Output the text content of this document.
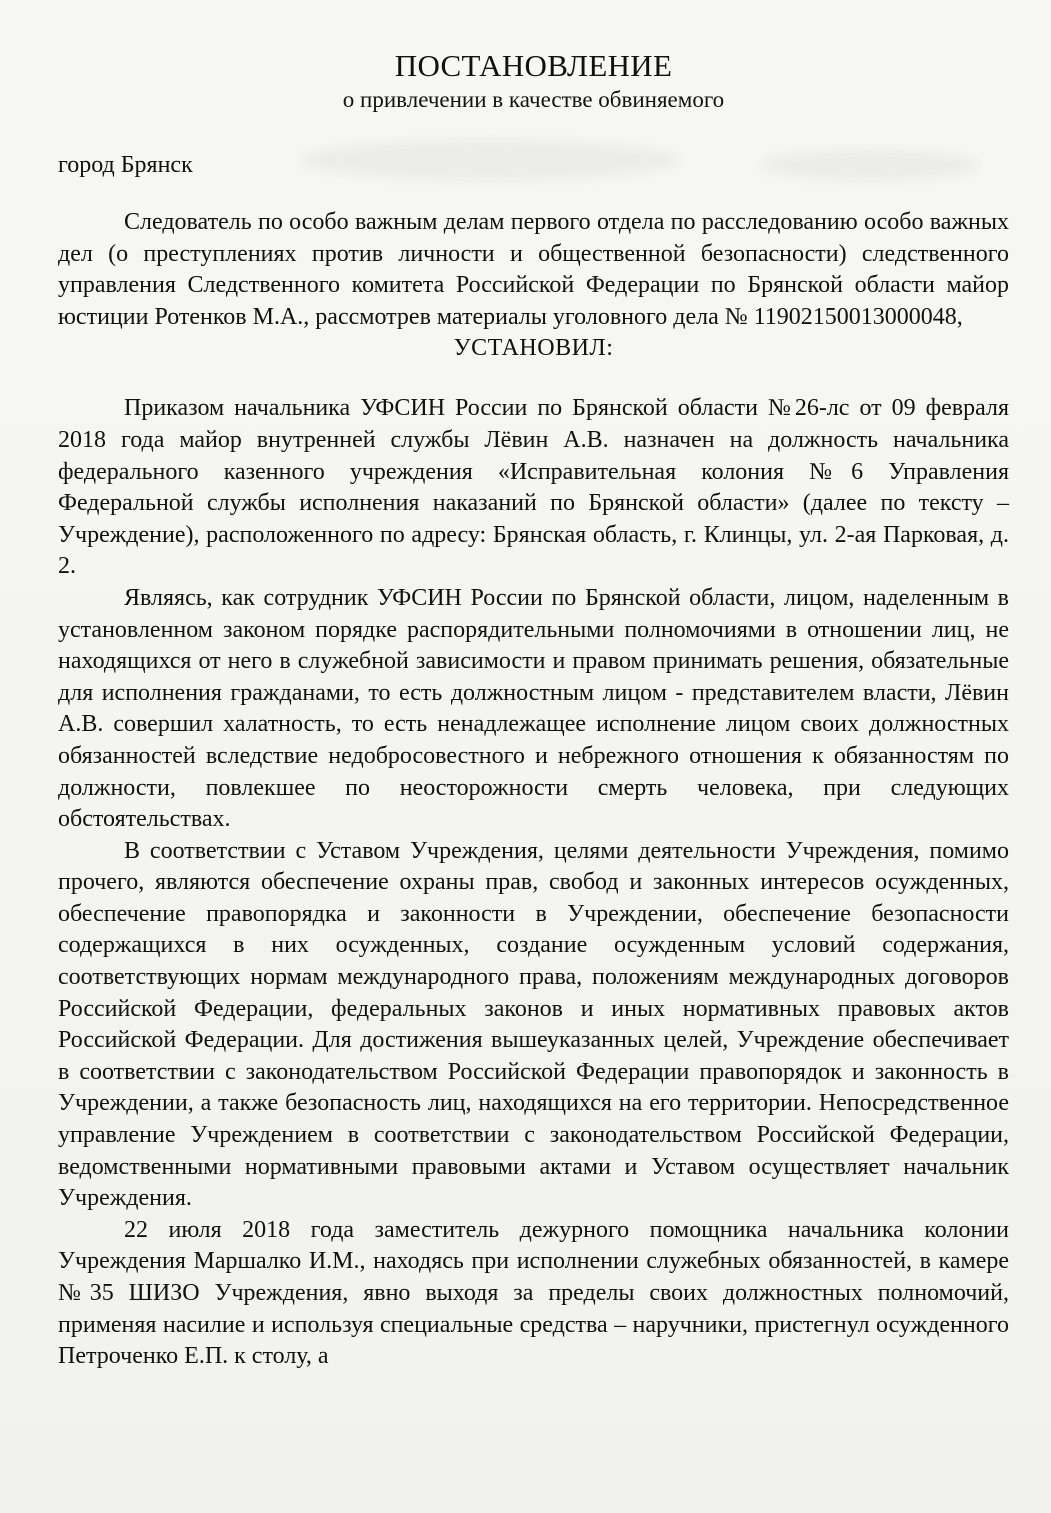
ПОСТАНОВЛЕНИЕ
о привлечении в качестве обвиняемого

город Брянск

Следователь по особо важным делам первого отдела по расследованию особо важных дел (о преступлениях против личности и общественной безопасности) следственного управления Следственного комитета Российской Федерации по Брянской области майор юстиции Ротенков М.А., рассмотрев материалы уголовного дела № 11902150013000048,

УСТАНОВИЛ:

Приказом начальника УФСИН России по Брянской области №26-лс от 09 февраля 2018 года майор внутренней службы Лёвин А.В. назначен на должность начальника федерального казенного учреждения «Исправительная колония №6 Управления Федеральной службы исполнения наказаний по Брянской области» (далее по тексту – Учреждение), расположенного по адресу: Брянская область, г. Клинцы, ул. 2-ая Парковая, д. 2.

Являясь, как сотрудник УФСИН России по Брянской области, лицом, наделенным в установленном законом порядке распорядительными полномочиями в отношении лиц, не находящихся от него в служебной зависимости и правом принимать решения, обязательные для исполнения гражданами, то есть должностным лицом - представителем власти, Лёвин А.В. совершил халатность, то есть ненадлежащее исполнение лицом своих должностных обязанностей вследствие недобросовестного и небрежного отношения к обязанностям по должности, повлекшее по неосторожности смерть человека, при следующих обстоятельствах.

В соответствии с Уставом Учреждения, целями деятельности Учреждения, помимо прочего, являются обеспечение охраны прав, свобод и законных интересов осужденных, обеспечение правопорядка и законности в Учреждении, обеспечение безопасности содержащихся в них осужденных, создание осужденным условий содержания, соответствующих нормам международного права, положениям международных договоров Российской Федерации, федеральных законов и иных нормативных правовых актов Российской Федерации. Для достижения вышеуказанных целей, Учреждение обеспечивает в соответствии с законодательством Российской Федерации правопорядок и законность в Учреждении, а также безопасность лиц, находящихся на его территории. Непосредственное управление Учреждением в соответствии с законодательством Российской Федерации, ведомственными нормативными правовыми актами и Уставом осуществляет начальник Учреждения.

22 июля 2018 года заместитель дежурного помощника начальника колонии Учреждения Маршалко И.М., находясь при исполнении служебных обязанностей, в камере №35 ШИЗО Учреждения, явно выходя за пределы своих должностных полномочий, применяя насилие и используя специальные средства – наручники, пристегнул осужденного Петроченко Е.П. к столу, а
